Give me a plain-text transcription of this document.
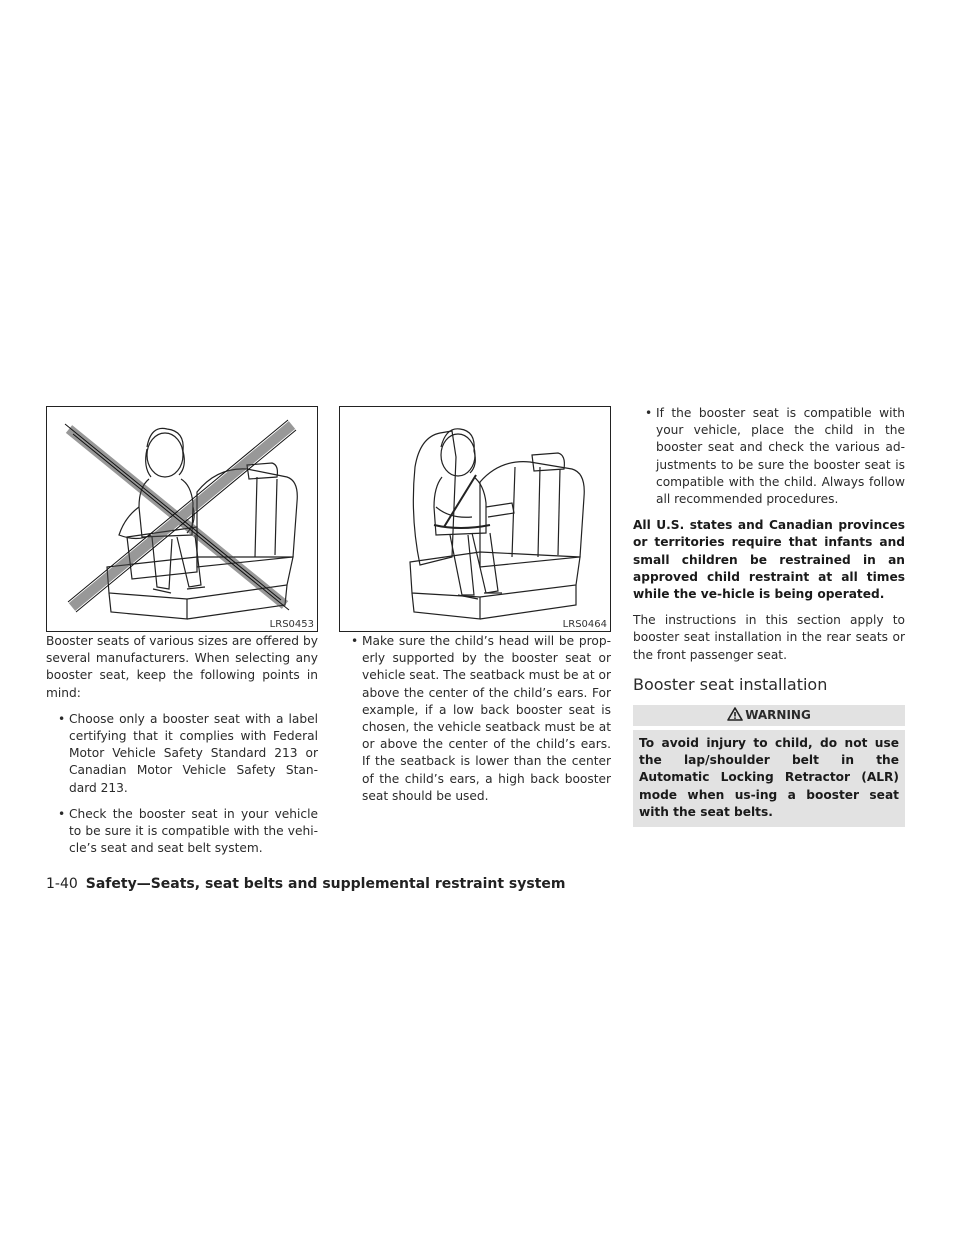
LRS0453	LRS0464

Booster seats of various sizes are offered by several manufacturers. When selecting any booster seat, keep the following points in mind:

• Choose only a booster seat with a label certifying that it complies with Federal Motor Vehicle Safety Standard 213 or Canadian Motor Vehicle Safety Stan-dard 213.
• Check the booster seat in your vehicle to be sure it is compatible with the vehi-cle’s seat and seat belt system.
• Make sure the child’s head will be prop-erly supported by the booster seat or vehicle seat. The seatback must be at or above the center of the child’s ears. For example, if a low back booster seat is chosen, the vehicle seatback must be at or above the center of the child’s ears. If the seatback is lower than the center of the child’s ears, a high back booster seat should be used.
• If the booster seat is compatible with your vehicle, place the child in the booster seat and check the various ad-justments to be sure the booster seat is compatible with the child. Always follow all recommended procedures.

All U.S. states and Canadian provinces or territories require that infants and small children be restrained in an approved child restraint at all times while the ve-hicle is being operated.

The instructions in this section apply to booster seat installation in the rear seats or the front passenger seat.

Booster seat installation
WARNING
To avoid injury to child, do not use the lap/shoulder belt in the Automatic Locking Retractor (ALR) mode when us-ing a booster seat with the seat belts.
1-40 Safety—Seats, seat belts and supplemental restraint system
